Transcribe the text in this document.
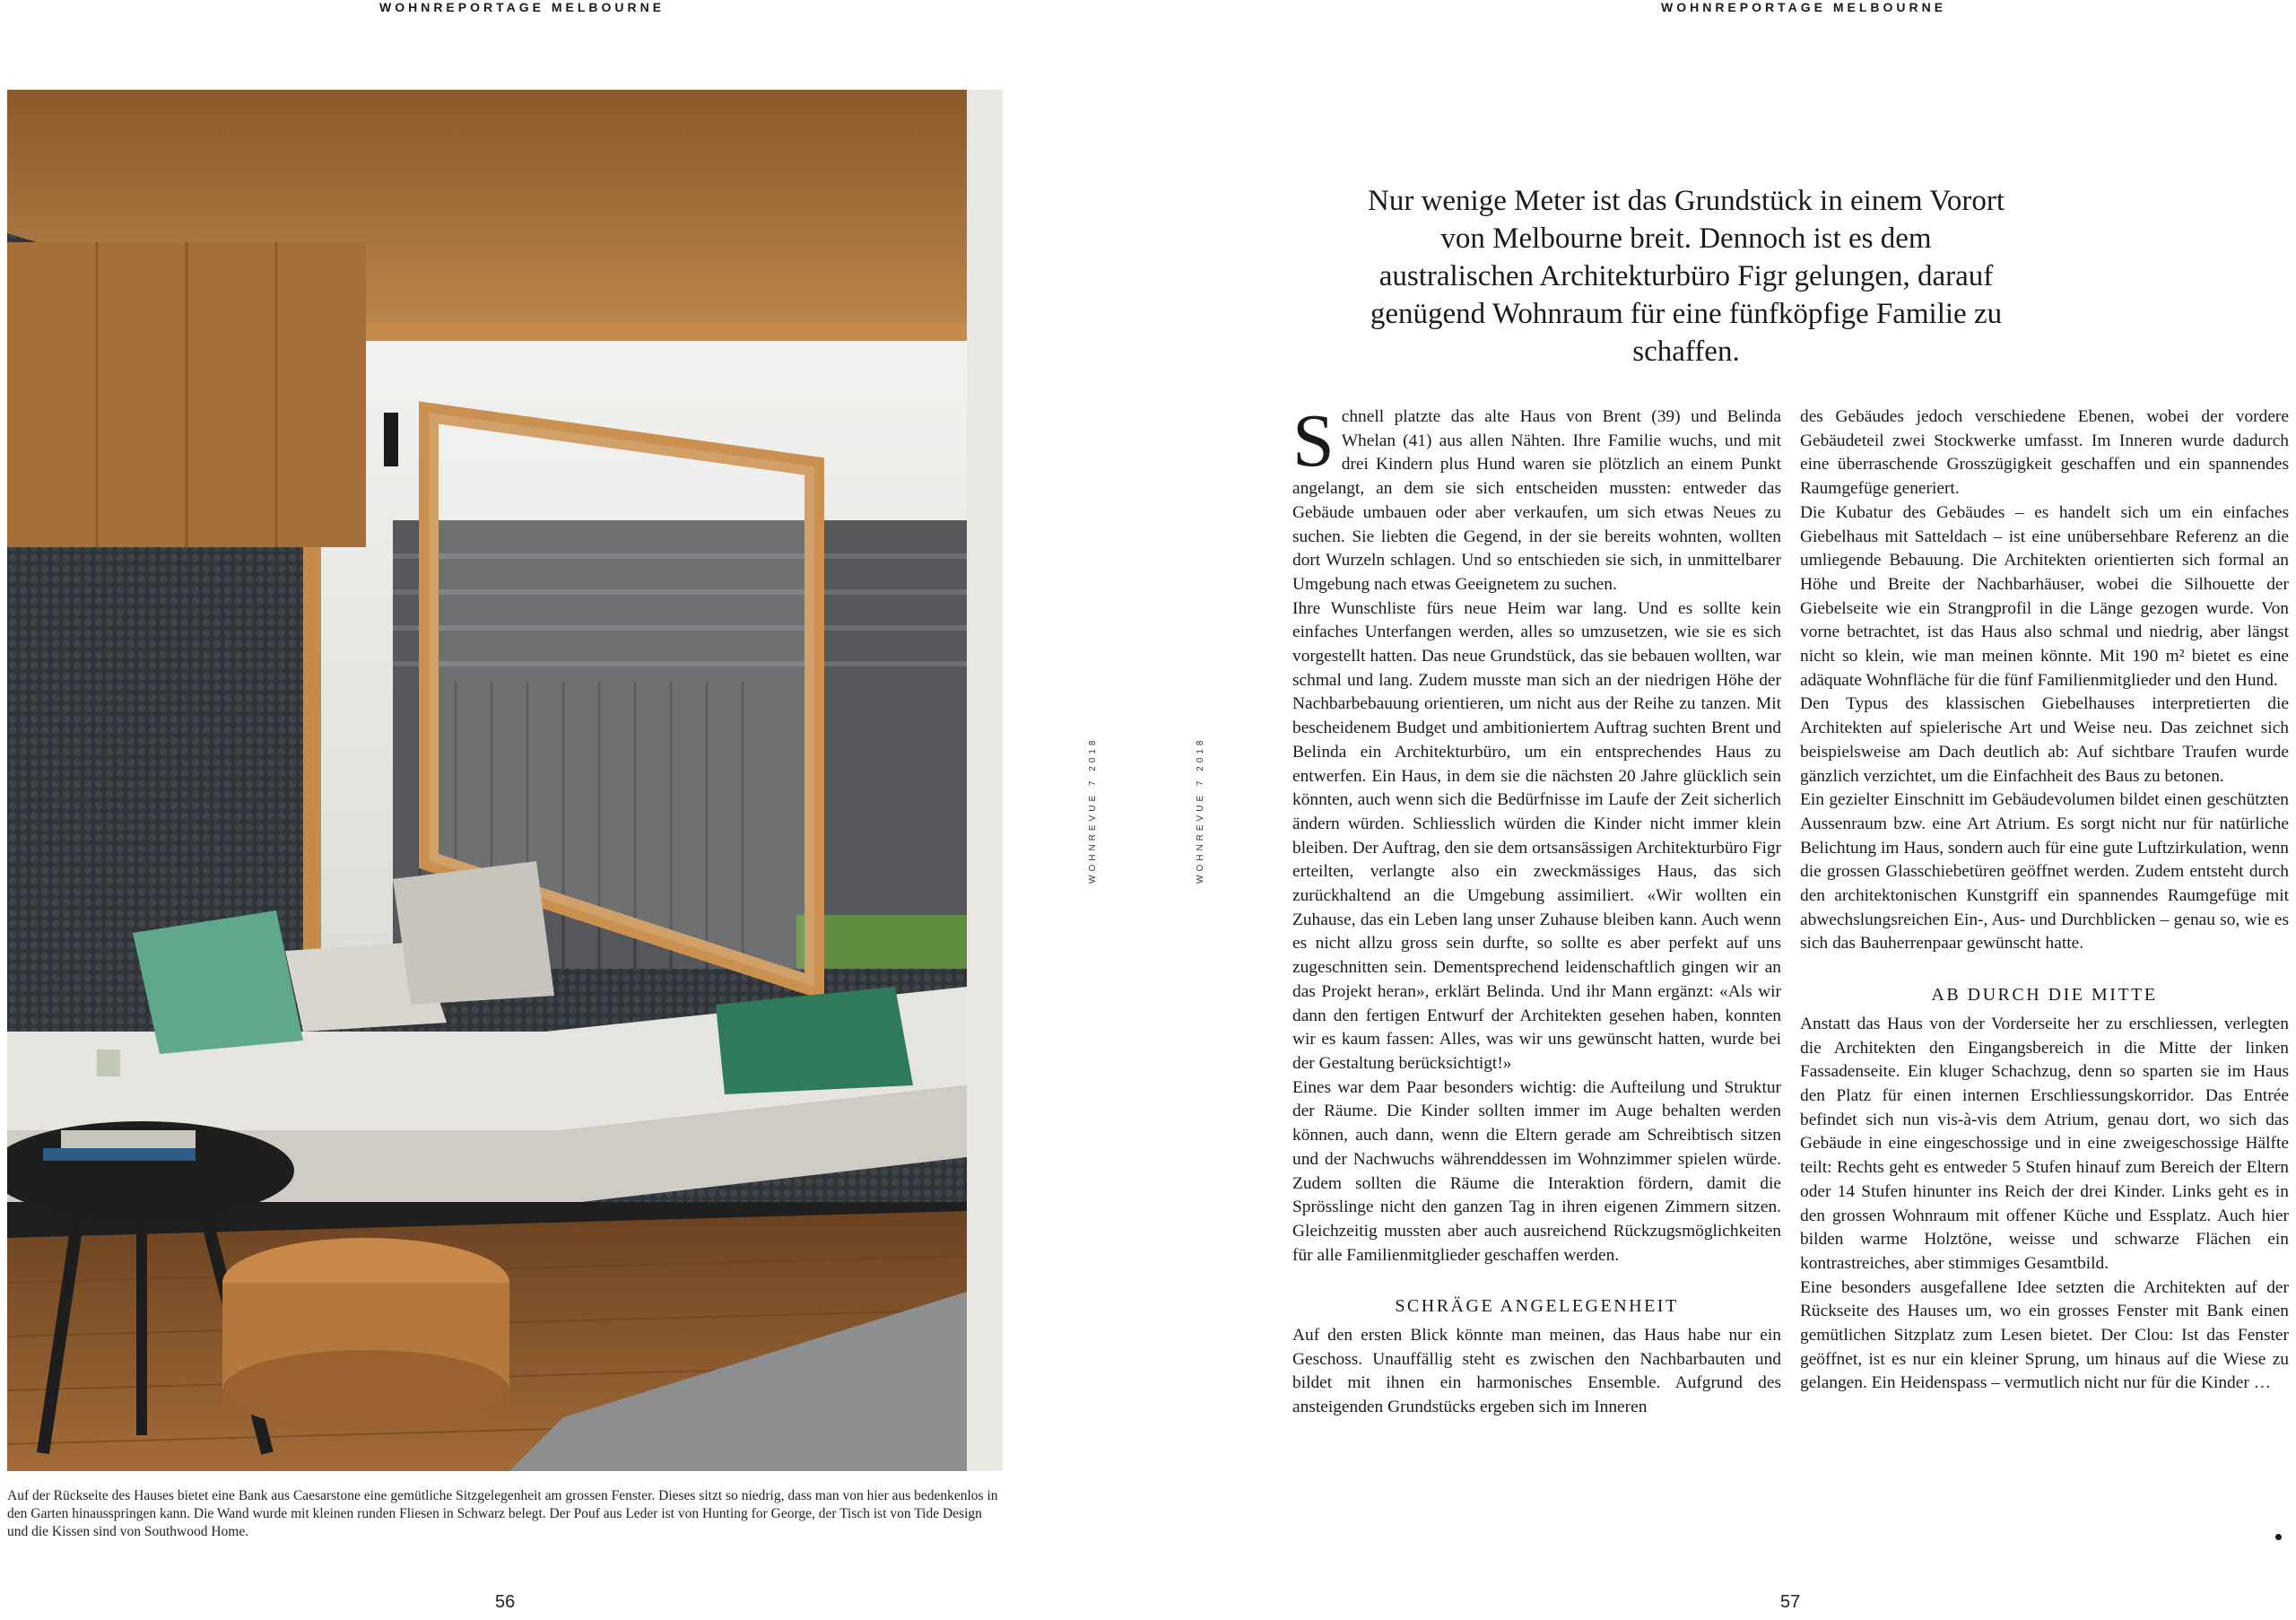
WOHNREPORTAGE MELBOURNE	WOHNREPORTAGE MELBOURNE
Auf der Rückseite des Hauses bietet eine Bank aus Caesarstone eine gemütliche Sitzgelegenheit am grossen Fenster. Dieses sitzt so niedrig, dass man von hier aus bedenkenlos in den Garten hinausspringen kann. Die Wand wurde mit kleinen runden Fliesen in Schwarz belegt. Der Pouf aus Leder ist von Hunting for George, der Tisch ist von Tide Design und die Kissen sind von Southwood Home.
WOHNREVUE 7 2018	WOHNREVUE 7 2018
Nur wenige Meter ist das Grundstück in einem Vorort von Melbourne breit. Dennoch ist es dem australischen Architekturbüro Figr gelungen, darauf genügend Wohnraum für eine fünfköpfige Familie zu schaffen.

Schnell platzte das alte Haus von Brent (39) und Belinda Whelan (41) aus allen Nähten. Ihre Familie wuchs, und mit drei Kindern plus Hund waren sie plötzlich an einem Punkt angelangt, an dem sie sich entscheiden mussten: entweder das Gebäude umbauen oder aber verkaufen, um sich etwas Neues zu suchen. Sie liebten die Gegend, in der sie bereits wohnten, wollten dort Wurzeln schlagen. Und so entschieden sie sich, in unmittelbarer Umgebung nach etwas Geeignetem zu suchen.

Ihre Wunschliste fürs neue Heim war lang. Und es sollte kein einfaches Unterfangen werden, alles so umzusetzen, wie sie es sich vorgestellt hatten. Das neue Grundstück, das sie bebauen wollten, war schmal und lang. Zudem musste man sich an der niedrigen Höhe der Nachbarbebauung orientieren, um nicht aus der Reihe zu tanzen. Mit bescheidenem Budget und ambitioniertem Auftrag suchten Brent und Belinda ein Architekturbüro, um ein entsprechendes Haus zu entwerfen. Ein Haus, in dem sie die nächsten 20 Jahre glücklich sein könnten, auch wenn sich die Bedürfnisse im Laufe der Zeit sicherlich ändern würden. Schliesslich würden die Kinder nicht immer klein bleiben. Der Auftrag, den sie dem ortsansässigen Architekturbüro Figr erteilten, verlangte also ein zweckmässiges Haus, das sich zurückhaltend an die Umgebung assimiliert. «Wir wollten ein Zuhause, das ein Leben lang unser Zuhause bleiben kann. Auch wenn es nicht allzu gross sein durfte, so sollte es aber perfekt auf uns zugeschnitten sein. Dementsprechend leidenschaftlich gingen wir an das Projekt heran», erklärt Belinda. Und ihr Mann ergänzt: «Als wir dann den fertigen Entwurf der Architekten gesehen haben, konnten wir es kaum fassen: Alles, was wir uns gewünscht hatten, wurde bei der Gestaltung berücksichtigt!»

Eines war dem Paar besonders wichtig: die Aufteilung und Struktur der Räume. Die Kinder sollten immer im Auge behalten werden können, auch dann, wenn die Eltern gerade am Schreibtisch sitzen und der Nachwuchs währenddessen im Wohnzimmer spielen würde. Zudem sollten die Räume die Interaktion fördern, damit die Sprösslinge nicht den ganzen Tag in ihren eigenen Zimmern sitzen. Gleichzeitig mussten aber auch ausreichend Rückzugsmöglichkeiten für alle Familienmitglieder geschaffen werden.

SCHRÄGE ANGELEGENHEIT

Auf den ersten Blick könnte man meinen, das Haus habe nur ein Geschoss. Unauffällig steht es zwischen den Nachbarbauten und bildet mit ihnen ein harmonisches Ensemble. Aufgrund des ansteigenden Grundstücks ergeben sich im Inneren

des Gebäudes jedoch verschiedene Ebenen, wobei der vordere Gebäudeteil zwei Stockwerke umfasst. Im Inneren wurde dadurch eine überraschende Grosszügigkeit geschaffen und ein spannendes Raumgefüge generiert.

Die Kubatur des Gebäudes – es handelt sich um ein einfaches Giebelhaus mit Satteldach – ist eine unübersehbare Referenz an die umliegende Bebauung. Die Architekten orientierten sich formal an Höhe und Breite der Nachbarhäuser, wobei die Silhouette der Giebelseite wie ein Strangprofil in die Länge gezogen wurde. Von vorne betrachtet, ist das Haus also schmal und niedrig, aber längst nicht so klein, wie man meinen könnte. Mit 190 m² bietet es eine adäquate Wohnfläche für die fünf Familienmitglieder und den Hund.

Den Typus des klassischen Giebelhauses interpretierten die Architekten auf spielerische Art und Weise neu. Das zeichnet sich beispielsweise am Dach deutlich ab: Auf sichtbare Traufen wurde gänzlich verzichtet, um die Einfachheit des Baus zu betonen.

Ein gezielter Einschnitt im Gebäudevolumen bildet einen geschützten Aussenraum bzw. eine Art Atrium. Es sorgt nicht nur für natürliche Belichtung im Haus, sondern auch für eine gute Luftzirkulation, wenn die grossen Glasschiebetüren geöffnet werden. Zudem entsteht durch den architektonischen Kunstgriff ein spannendes Raumgefüge mit abwechslungsreichen Ein-, Aus- und Durchblicken – genau so, wie es sich das Bauherrenpaar gewünscht hatte.

AB DURCH DIE MITTE

Anstatt das Haus von der Vorderseite her zu erschliessen, verlegten die Architekten den Eingangsbereich in die Mitte der linken Fassadenseite. Ein kluger Schachzug, denn so sparten sie im Haus den Platz für einen internen Erschliessungskorridor. Das Entrée befindet sich nun vis-à-vis dem Atrium, genau dort, wo sich das Gebäude in eine eingeschossige und in eine zweigeschossige Hälfte teilt: Rechts geht es entweder 5 Stufen hinauf zum Bereich der Eltern oder 14 Stufen hinunter ins Reich der drei Kinder. Links geht es in den grossen Wohnraum mit offener Küche und Essplatz. Auch hier bilden warme Holztöne, weisse und schwarze Flächen ein kontrastreiches, aber stimmiges Gesamtbild.

Eine besonders ausgefallene Idee setzten die Architekten auf der Rückseite des Hauses um, wo ein grosses Fenster mit Bank einen gemütlichen Sitzplatz zum Lesen bietet. Der Clou: Ist das Fenster geöffnet, ist es nur ein kleiner Sprung, um hinaus auf die Wiese zu gelangen. Ein Heidenspass – vermutlich nicht nur für die Kinder …

56	57
